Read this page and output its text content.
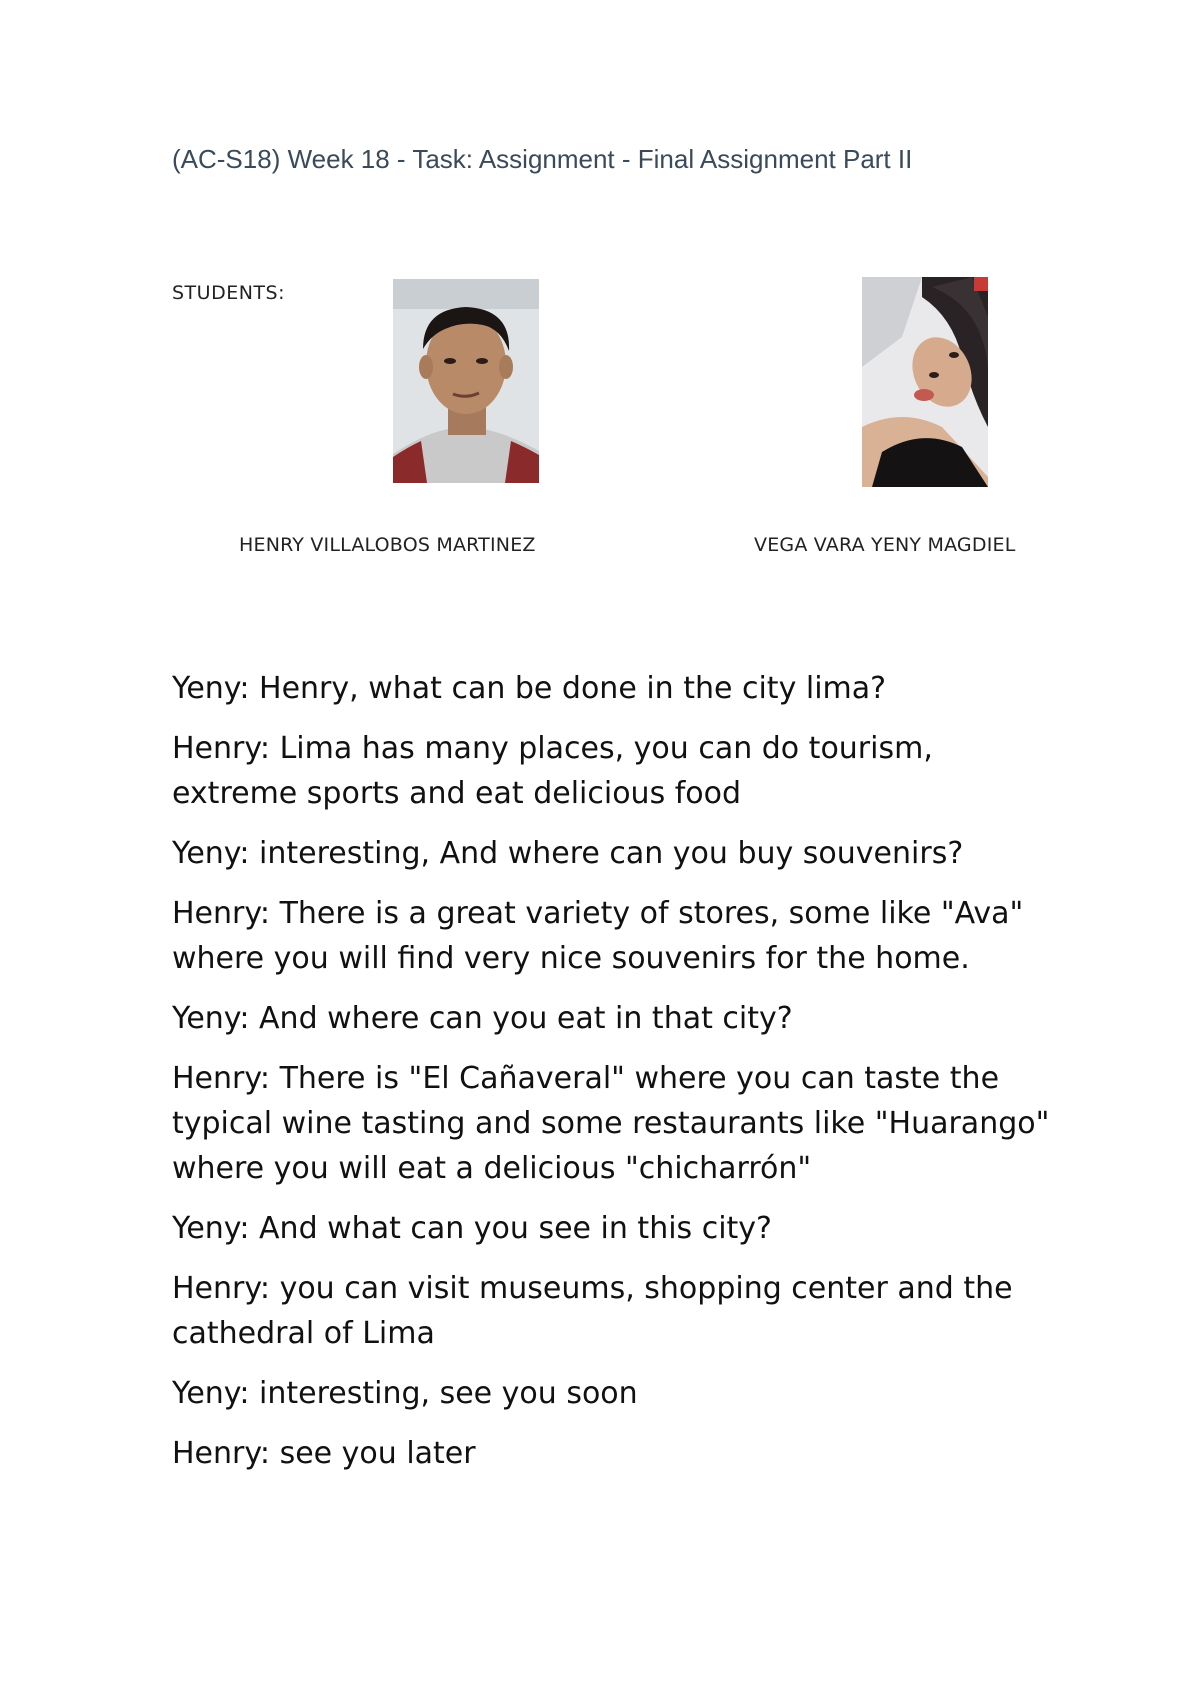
(AC-S18) Week 18 - Task: Assignment - Final Assignment Part II
STUDENTS:
HENRY VILLALOBOS MARTINEZ	VEGA VARA YENY MAGDIEL
Yeny: Henry, what can be done in the city lima?
Henry: Lima has many places, you can do tourism, extreme sports and eat delicious food
Yeny: interesting, And where can you buy souvenirs?
Henry: There is a great variety of stores, some like "Ava" where you will find very nice souvenirs for the home.
Yeny: And where can you eat in that city?
Henry: There is "El Cañaveral" where you can taste the typical wine tasting and some restaurants like "Huarango" where you will eat a delicious "chicharrón"
Yeny: And what can you see in this city?
Henry: you can visit museums, shopping center and the cathedral of Lima
Yeny: interesting, see you soon
Henry: see you later
